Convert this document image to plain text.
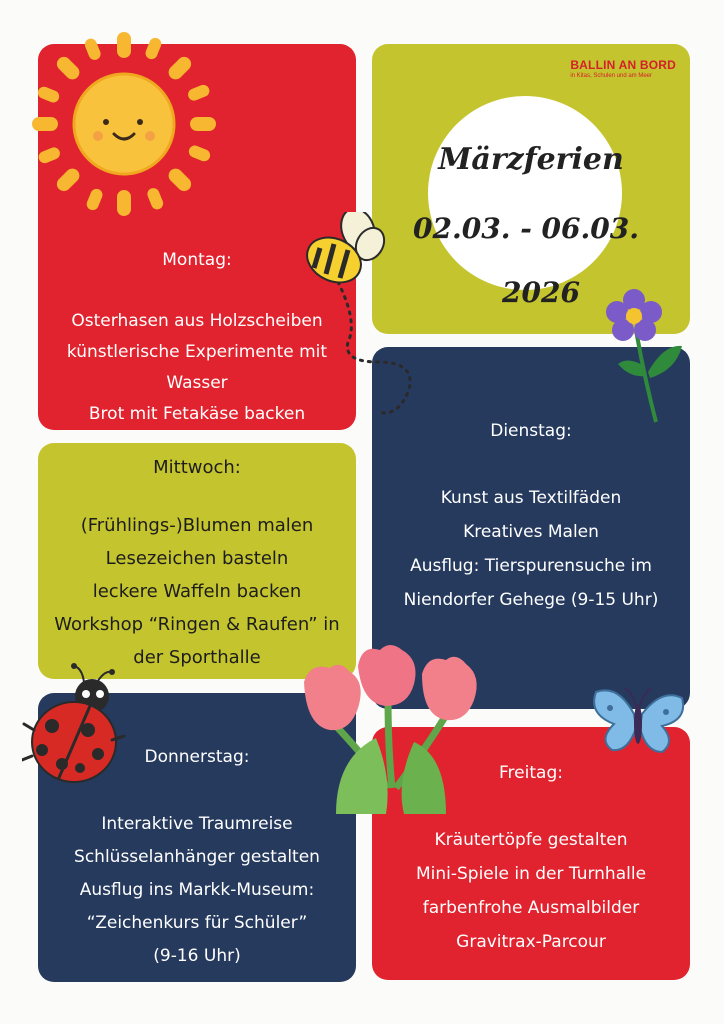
Montag:
Osterhasen aus Holzscheiben
künstlerische Experimente mit
Wasser
Brot mit Fetakäse backen
BALLIN AN BORD
in Kitas, Schulen und am Meer
Märzferien
02.03. - 06.03.
2026
Mittwoch:
(Frühlings-)Blumen malen
Lesezeichen basteln
leckere Waffeln backen
Workshop “Ringen & Raufen” in
der Sporthalle
Dienstag:
Kunst aus Textilfäden
Kreatives Malen
Ausflug: Tierspurensuche im
Niendorfer Gehege (9-15 Uhr)
Donnerstag:
Interaktive Traumreise
Schlüsselanhänger gestalten
Ausflug ins Markk-Museum:
“Zeichenkurs für Schüler”
(9-16 Uhr)
Freitag:
Kräutertöpfe gestalten
Mini-Spiele in der Turnhalle
farbenfrohe Ausmalbilder
Gravitrax-Parcour
